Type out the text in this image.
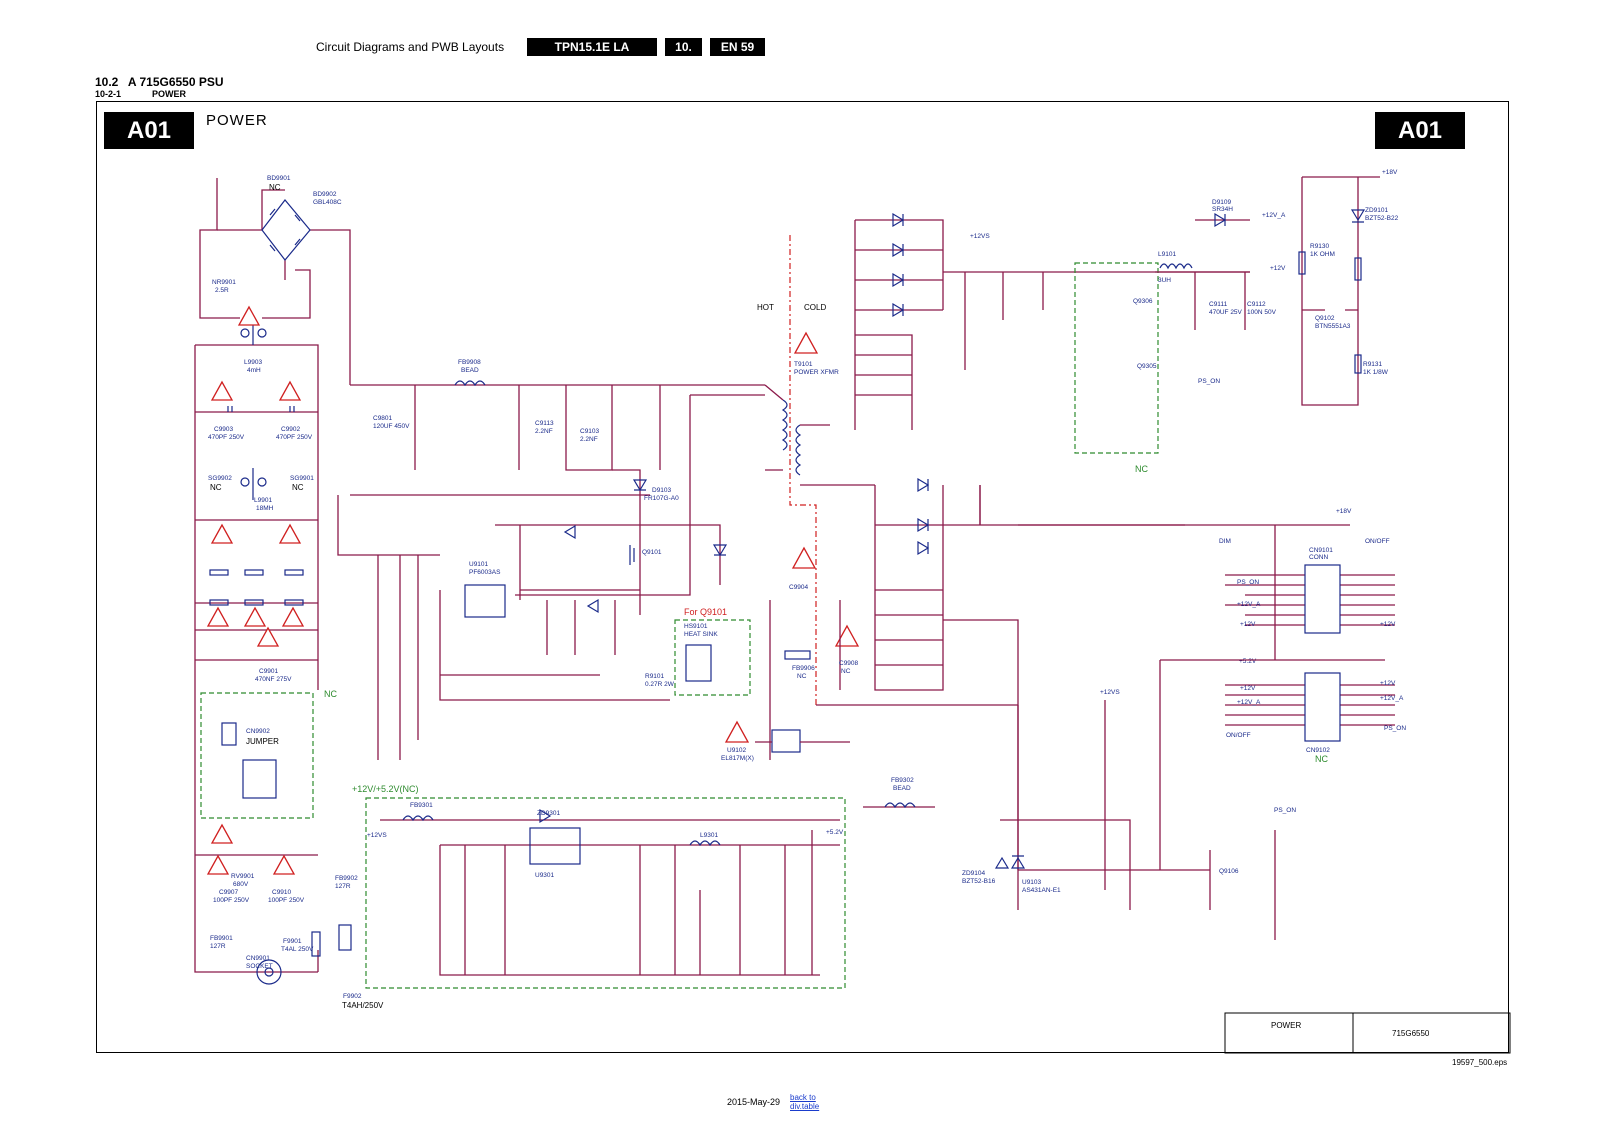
Circuit Diagrams and PWB Layouts	TPN15.1E LA	10.	EN 59
10.2 A 715G6550 PSU
10-2-1	POWER
A01	A01
POWER
BD9901
NC
BD9902
GBL408C
NR9901
2.5R
L9903
4mH
C9903
470PF 250V
C9902
470PF 250V
SG9902
NC
SG9901
NC
L9901
18MH
C9901
470NF 275V
CN9902
JUMPER
NC
RV9901
680V
C9907
100PF 250V
C9910
100PF 250V
FB9902
127R
FB9901
127R
F9901
T4AL 250V
CN9901
SOCKET
F9902
T4AH/250V
For Q9101
HS9101
HEAT SINK
FB9908
BEAD
C9801
120UF 450V	C9113
2.2NF	C9103
2.2NF
U9101
PF6003AS
Q9101
D9103
FR107G-A0
R9101
0.27R 2W
HOT	COLD
T9101
POWER XFMR
U9102
EL817M(X)
FB9906
NC
C9908
NC
C9904
NC
L9101
3UH
C9111
470UF 25V
C9112
100N 50V
D9109
SR34H
Q9306
Q9305
ZD9101
BZT52-B22
R9130
1K OHM
Q9102
BTN5551A3
R9131
1K 1/8W
+18V
CN9101
CONN
CN9102
NC
DIM	ON/OFF
PS_ON
+12V_A
+12V	+12V
+5.2V
+12V
+12V_A
+12V
+12V_A
PS_ON
ON/OFF
+18V
PS_ON
+12V_A
+12V
+12VS
U9103
AS431AN-E1
ZD9104
BZT52-B16
Q9106
PS_ON
+12VS
+12V/+5.2V(NC)
U9301
L9301
FB9301
ZD9301
+12VS	+5.2V
FB9302
BEAD
POWER
715G6550
19597_500.eps
2015-May-29 back to div.table
